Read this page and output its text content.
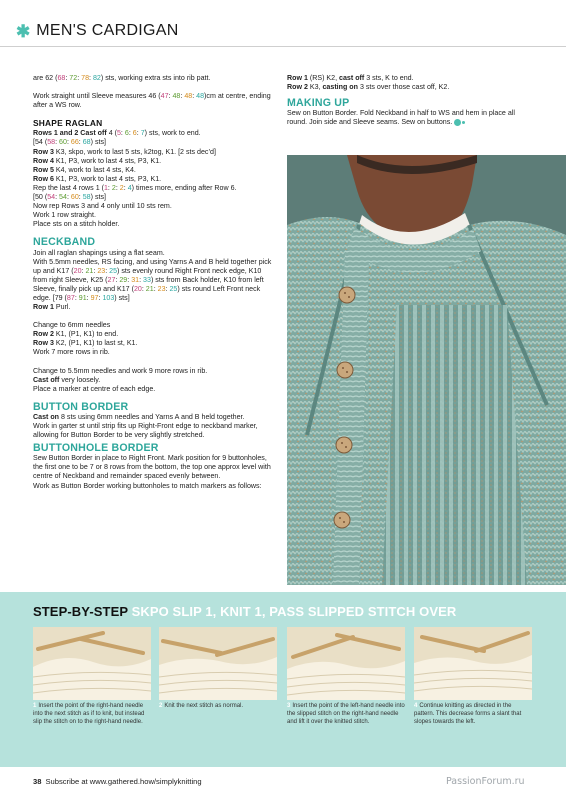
✱ MEN'S CARDIGAN

are 62 (68: 72: 78: 82) sts, working extra sts into rib patt.

Work straight until Sleeve measures 46 (47: 48: 48: 48)cm at centre, ending after a WS row.

SHAPE RAGLAN
Rows 1 and 2 Cast off 4 (5: 6: 6: 7) sts, work to end.
[54 (58: 60: 66: 68) sts]
Row 3 K3, skpo, work to last 5 sts, k2tog, K1. [2 sts dec’d]
Row 4 K1, P3, work to last 4 sts, P3, K1.
Row 5 K4, work to last 4 sts, K4.
Row 6 K1, P3, work to last 4 sts, P3, K1.
Rep the last 4 rows 1 (1: 2: 2: 4) times more, ending after Row 6.
[50 (54: 54: 60: 58) sts]
Now rep Rows 3 and 4 only until 10 sts rem.
Work 1 row straight.
Place sts on a stitch holder.
NECKBAND
Join all raglan shapings using a flat seam.
With 5.5mm needles, RS facing, and using Yarns A and B held together pick up and K17 (20: 21: 23: 25) sts evenly round Right Front neck edge, K10 from right Sleeve, K25 (27: 29: 31: 33) sts from Back holder, K10 from left Sleeve, finally pick up and K17 (20: 21: 23: 25) sts round Left Front neck edge. [79 (87: 91: 97: 103) sts]
Row 1 Purl.
Change to 6mm needles
Row 2 K1, (P1, K1) to end.
Row 3 K2, (P1, K1) to last st, K1.
Work 7 more rows in rib.
Change to 5.5mm needles and work 9 more rows in rib.
Cast off very loosely.
Place a marker at centre of each edge.
BUTTON BORDER
Cast on 8 sts using 6mm needles and Yarns A and B held together.
Work in garter st until strip fits up Right-Front edge to neckband marker, allowing for Button Border to be very slightly stretched.
BUTTONHOLE BORDER
Sew Button Border in place to Right Front. Mark position for 9 buttonholes, the first one to be 7 or 8 rows from the bottom, the top one approx level with centre of Neckband and remainder spaced evenly between.
Work as Button Border working buttonholes to match markers as follows:
Row 1 (RS) K2, cast off 3 sts, K to end.
Row 2 K3, casting on 3 sts over those cast off, K2.
MAKING UP
Sew on Button Border. Fold Neckband in half to WS and hem in place all round. Join side and Sleeve seams. Sew on buttons.
STEP-BY-STEP SKPO SLIP 1, KNIT 1, PASS SLIPPED STITCH OVER
1 Insert the point of the right-hand needle into the next stitch as if to knit, but instead slip the stitch on to the right-hand needle.
2 Knit the next stitch as normal.	3 Insert the point of the left-hand needle into the slipped stitch on the right-hand needle and lift it over the knitted stitch.
4 Continue knitting as directed in the pattern. This decrease forms a slant that slopes towards the left.
38 Subscribe at www.gathered.how/simplyknitting	PassionForum.ru
